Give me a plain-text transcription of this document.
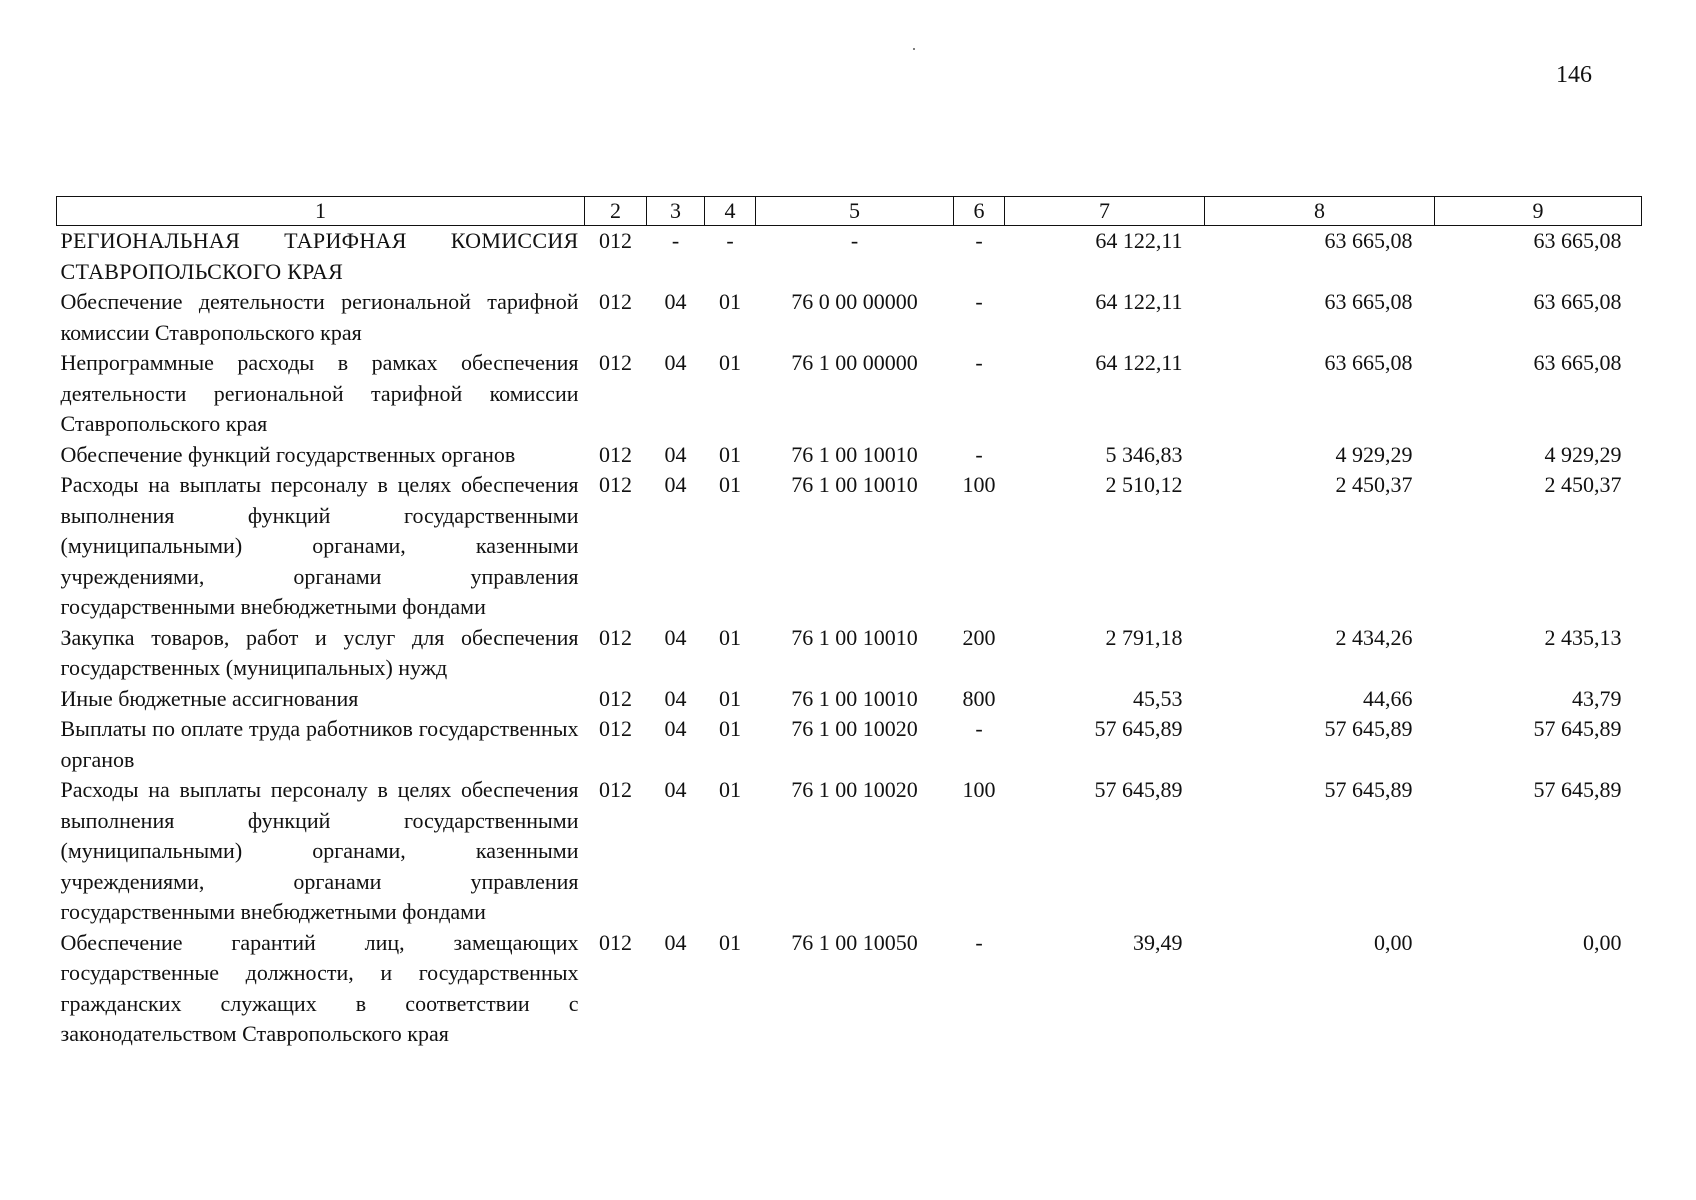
146
1	2	3	4	5	6	7	8	9
РЕГИОНАЛЬНАЯ ТАРИФНАЯ КОМИССИЯ СТАВРОПОЛЬСКОГО КРАЯ	012	-	-	-	-	64 122,11	63 665,08	63 665,08
Обеспечение деятельности региональной тарифной комиссии Ставропольского края	012	04	01	76 0 00 00000	-	64 122,11	63 665,08	63 665,08
Непрограммные расходы в рамках обеспечения деятельности региональной тарифной комиссии Ставропольского края	012	04	01	76 1 00 00000	-	64 122,11	63 665,08	63 665,08
Обеспечение функций государственных органов	012	04	01	76 1 00 10010	-	5 346,83	4 929,29	4 929,29
Расходы на выплаты персоналу в целях обеспечения выполнения функций государственными (муниципальными) органами, казенными учреждениями, органами управления государственными внебюджетными фондами	012	04	01	76 1 00 10010	100	2 510,12	2 450,37	2 450,37
Закупка товаров, работ и услуг для обеспечения государственных (муниципальных) нужд	012	04	01	76 1 00 10010	200	2 791,18	2 434,26	2 435,13
Иные бюджетные ассигнования	012	04	01	76 1 00 10010	800	45,53	44,66	43,79
Выплаты по оплате труда работников государственных органов	012	04	01	76 1 00 10020	-	57 645,89	57 645,89	57 645,89
Расходы на выплаты персоналу в целях обеспечения выполнения функций государственными (муниципальными) органами, казенными учреждениями, органами управления государственными внебюджетными фондами	012	04	01	76 1 00 10020	100	57 645,89	57 645,89	57 645,89
Обеспечение гарантий лиц, замещающих государственные должности, и государственных гражданских служащих в соответствии с законодательством Ставропольского края	012	04	01	76 1 00 10050	-	39,49	0,00	0,00
